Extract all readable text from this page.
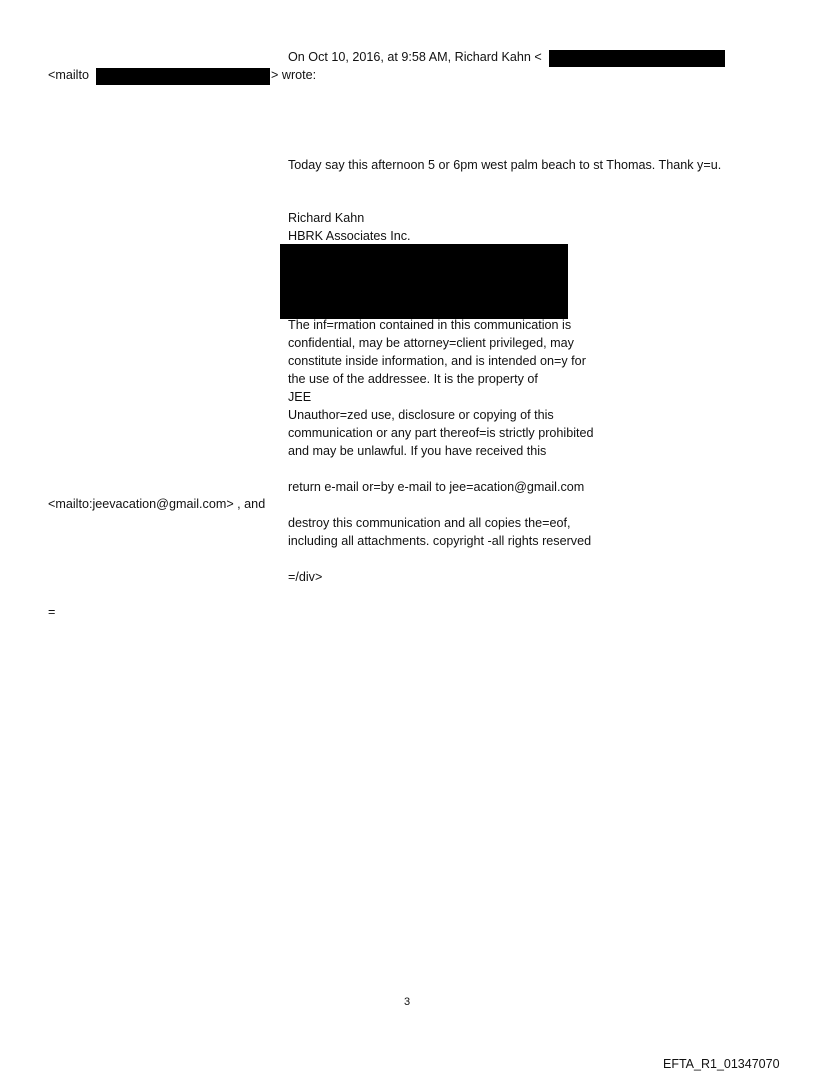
On Oct 10, 2016, at 9:58 AM, Richard Kahn <
<mailto	> wrote:
Today say this afternoon 5 or 6pm west palm beach to st Thomas. Thank y=u.
Richard Kahn
HBRK Associates Inc.
The inf=rmation contained in this communication is
confidential, may be attorney=client privileged, may
constitute inside information, and is intended on=y for
the use of the addressee. It is the property of
JEE
Unauthor=zed use, disclosure or copying of this
communication or any part thereof=is strictly prohibited
and may be unlawful. If you have received this
return e-mail or=by e-mail to jee=acation@gmail.com
<mailto:jeevacation@gmail.com> , and
destroy this communication and all copies the=eof,
including all attachments. copyright -all rights reserved
=/div>
=
3
EFTA_R1_01347070
